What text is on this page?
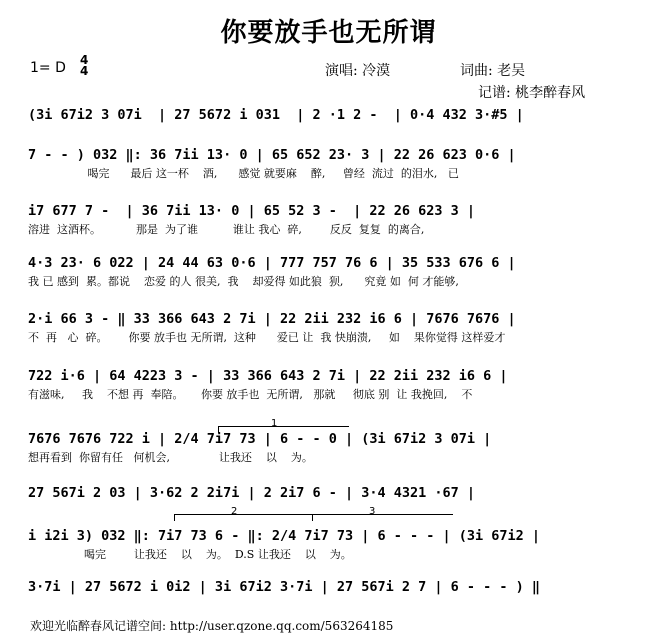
你要放手也无所谓
1= D 4
4	演唱: 冷漠	词曲: 老吴
记谱: 桃李醉春风
1
2	3
(3i 67i2 3 07i  | 27 5672 i 031  | 2 ·1 2 -  | 0·4 432 3·#5 |
7 - - ) 032 ‖: 36 7ii 13· 0 | 65 652 23· 3 | 22 26 623 0·6 |
喝完      最后 这一杯    酒,      感觉 就要麻    醉,     曾经  流过  的泪水,   已
i7 677 7 -  | 36 7ii 13· 0 | 65 52 3 -  | 22 26 623 3 |
溶进  这酒杯。          那是  为了谁          谁让 我心  碎,        反反  复复  的离合,
4·3 23· 6 022 | 24 44 63 0·6 | 777 757 76 6 | 35 533 676 6 |
我 已 感到  累。都说    恋爱 的人 很美,  我    却爱得 如此狼  狈,      究竟 如  何 才能够,
2·i 66 3 - ‖ 33 366 643 2 7i | 22 2ii 232 i6 6 | 7676 7676 |
不  再   心  碎。      你要 放手也 无所谓,  这种      爱已 让  我 快崩溃,     如    果你觉得 这样爱才
722 i·6 | 64 4223 3 - | 33 366 643 2 7i | 22 2ii 232 i6 6 |
有滋味,     我    不想 再  奉陪。     你要 放手也  无所谓,   那就     彻底 别  让 我挽回,    不
7676 7676 722 i | 2/4 7i7 73 | 6 - - 0 | (3i 67i2 3 07i |
想再看到  你留有任   何机会,              让我还    以    为。
27 567i 2 03 | 3·62 2 2i7i | 2 2i7 6 - | 3·4 4321 ·67 |
i i2i 3) 032 ‖: 7i7 73 6 - ‖: 2/4 7i7 73 | 6 - - - | (3i 67i2 |
喝完        让我还    以    为。  D.S 让我还    以    为。
3·7i | 27 5672 i 0i2 | 3i 67i2 3·7i | 27 567i 2 7 | 6 - - - ) ‖
欢迎光临醉春风记谱空间: http://user.qzone.qq.com/563264185
